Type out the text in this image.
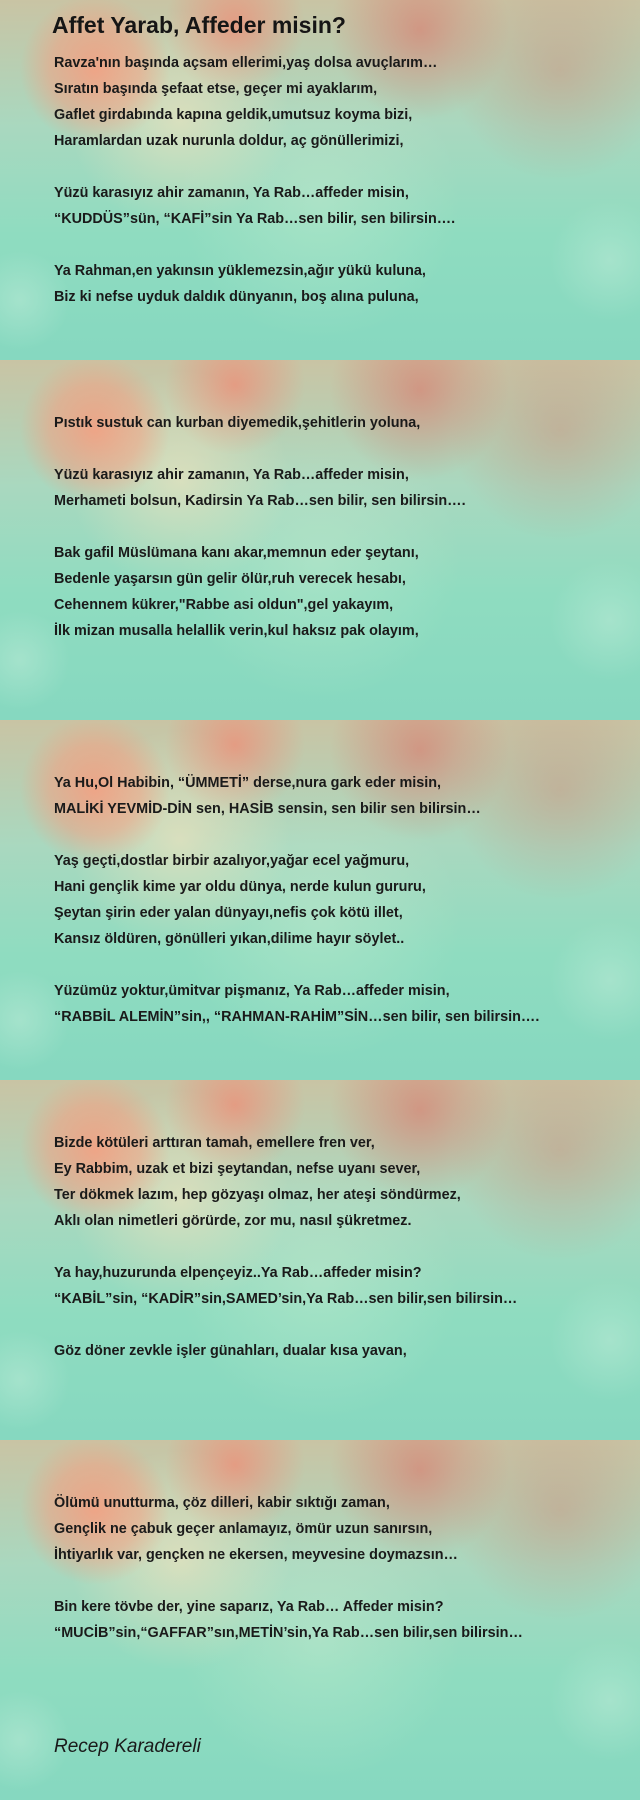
Affet Yarab, Affeder misin?
Ravza'nın başında açsam ellerimi,yaş dolsa avuçlarım…
Sıratın başında şefaat etse, geçer mi ayaklarım,
Gaflet girdabında kapına geldik,umutsuz koyma bizi,
Haramlardan uzak nurunla doldur, aç gönüllerimizi,
Yüzü karasıyız ahir zamanın, Ya Rab…affeder misin,
“KUDDÜS”sün, “KAFİ”sin Ya Rab…sen bilir, sen bilirsin….
Ya Rahman,en yakınsın yüklemezsin,ağır yükü kuluna,
Biz ki nefse uyduk daldık dünyanın, boş alına puluna,
Pıstık sustuk can kurban diyemedik,şehitlerin yoluna,
Yüzü karasıyız ahir zamanın, Ya Rab…affeder misin,
Merhameti bolsun, Kadirsin Ya Rab…sen bilir, sen bilirsin….
Bak gafil Müslümana kanı akar,memnun eder şeytanı,
Bedenle yaşarsın gün gelir ölür,ruh verecek hesabı,
Cehennem kükrer,"Rabbe asi oldun",gel yakayım,
İlk mizan musalla helallik verin,kul haksız pak olayım,
Ya Hu,Ol Habibin, “ÜMMETİ” derse,nura gark eder misin,
MALİKİ YEVMİD-DİN sen, HASİB sensin, sen bilir sen bilirsin…
Yaş geçti,dostlar birbir azalıyor,yağar ecel yağmuru,
Hani gençlik kime yar oldu dünya, nerde kulun gururu,
Şeytan şirin eder yalan dünyayı,nefis çok kötü illet,
Kansız öldüren, gönülleri yıkan,dilime hayır söylet..
Yüzümüz yoktur,ümitvar pişmanız, Ya Rab…affeder misin,
“RABBİL ALEMİN”sin,, “RAHMAN-RAHİM”SİN…sen bilir, sen bilirsin….
Bizde kötüleri arttıran tamah, emellere fren ver,
Ey Rabbim, uzak et bizi şeytandan, nefse uyanı sever,
Ter dökmek lazım, hep gözyaşı olmaz, her ateşi söndürmez,
Aklı olan nimetleri görürde, zor mu, nasıl şükretmez.
Ya hay,huzurunda elpençeyiz..Ya Rab…affeder misin?
“KABİL”sin, “KADİR”sin,SAMED’sin,Ya Rab…sen bilir,sen bilirsin…
Göz döner zevkle işler günahları, dualar kısa yavan,
Ölümü unutturma, çöz dilleri, kabir sıktığı zaman,
Gençlik ne çabuk geçer anlamayız, ömür uzun sanırsın,
İhtiyarlık var, gençken ne ekersen, meyvesine doymazsın…
Bin kere tövbe der, yine saparız, Ya Rab… Affeder misin?
“MUCİB”sin,“GAFFAR”sın,METİN’sin,Ya Rab…sen bilir,sen bilirsin…
Recep Karadereli
